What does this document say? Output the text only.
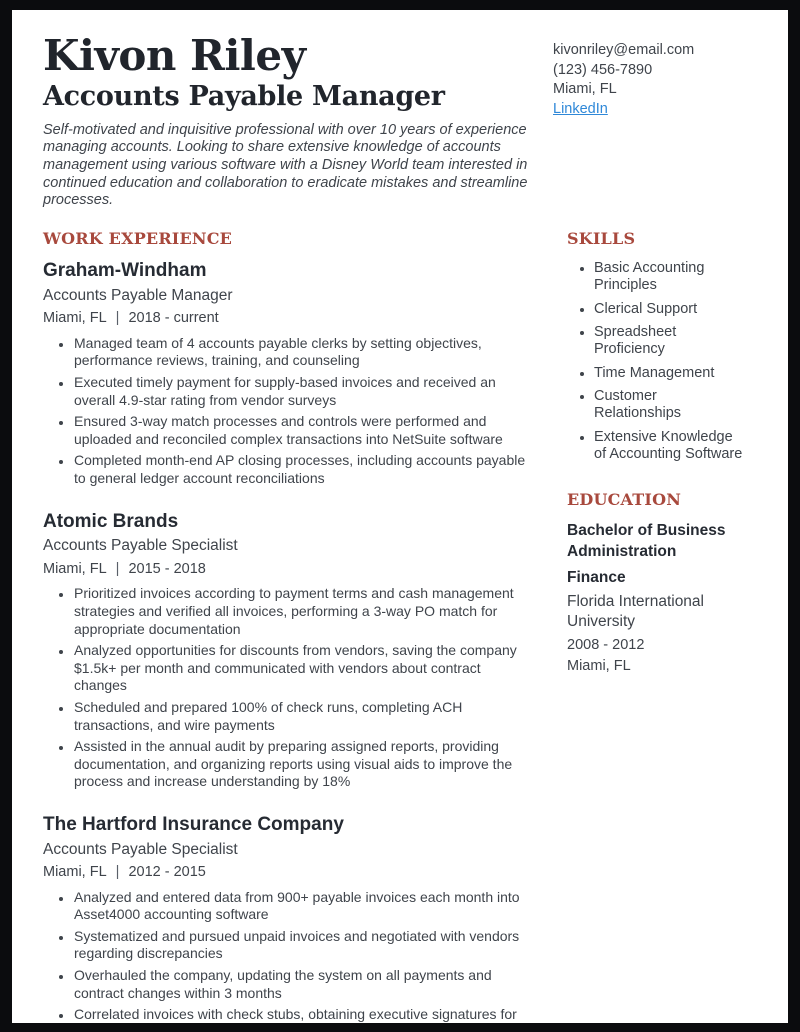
Kivon Riley
Accounts Payable Manager
Self-motivated and inquisitive professional with over 10 years of experience managing accounts. Looking to share extensive knowledge of accounts management using various software with a Disney World team interested in continued education and collaboration to eradicate mistakes and streamline processes.
kivonriley@email.com
(123) 456-7890
Miami, FL
LinkedIn
WORK EXPERIENCE
Graham-Windham
Accounts Payable Manager
Miami, FL | 2018 - current
• Managed team of 4 accounts payable clerks by setting objectives, performance reviews, training, and counseling
• Executed timely payment for supply-based invoices and received an overall 4.9-star rating from vendor surveys
• Ensured 3-way match processes and controls were performed and uploaded and reconciled complex transactions into NetSuite software
• Completed month-end AP closing processes, including accounts payable to general ledger account reconciliations
Atomic Brands
Accounts Payable Specialist
Miami, FL | 2015 - 2018
• Prioritized invoices according to payment terms and cash management strategies and verified all invoices, performing a 3-way PO match for appropriate documentation
• Analyzed opportunities for discounts from vendors, saving the company $1.5k+ per month and communicated with vendors about contract changes
• Scheduled and prepared 100% of check runs, completing ACH transactions, and wire payments
• Assisted in the annual audit by preparing assigned reports, providing documentation, and organizing reports using visual aids to improve the process and increase understanding by 18%
The Hartford Insurance Company
Accounts Payable Specialist
Miami, FL | 2012 - 2015
• Analyzed and entered data from 900+ payable invoices each month into Asset4000 accounting software
• Systematized and pursued unpaid invoices and negotiated with vendors regarding discrepancies
• Overhauled the company, updating the system on all payments and contract changes within 3 months
• Correlated invoices with check stubs, obtaining executive signatures for checks, and distributing checks to 18 employees each week
SKILLS
• Basic Accounting Principles
• Clerical Support
• Spreadsheet Proficiency
• Time Management
• Customer Relationships
• Extensive Knowledge of Accounting Software
EDUCATION
Bachelor of Business Administration
Finance
Florida International University
2008 - 2012
Miami, FL
